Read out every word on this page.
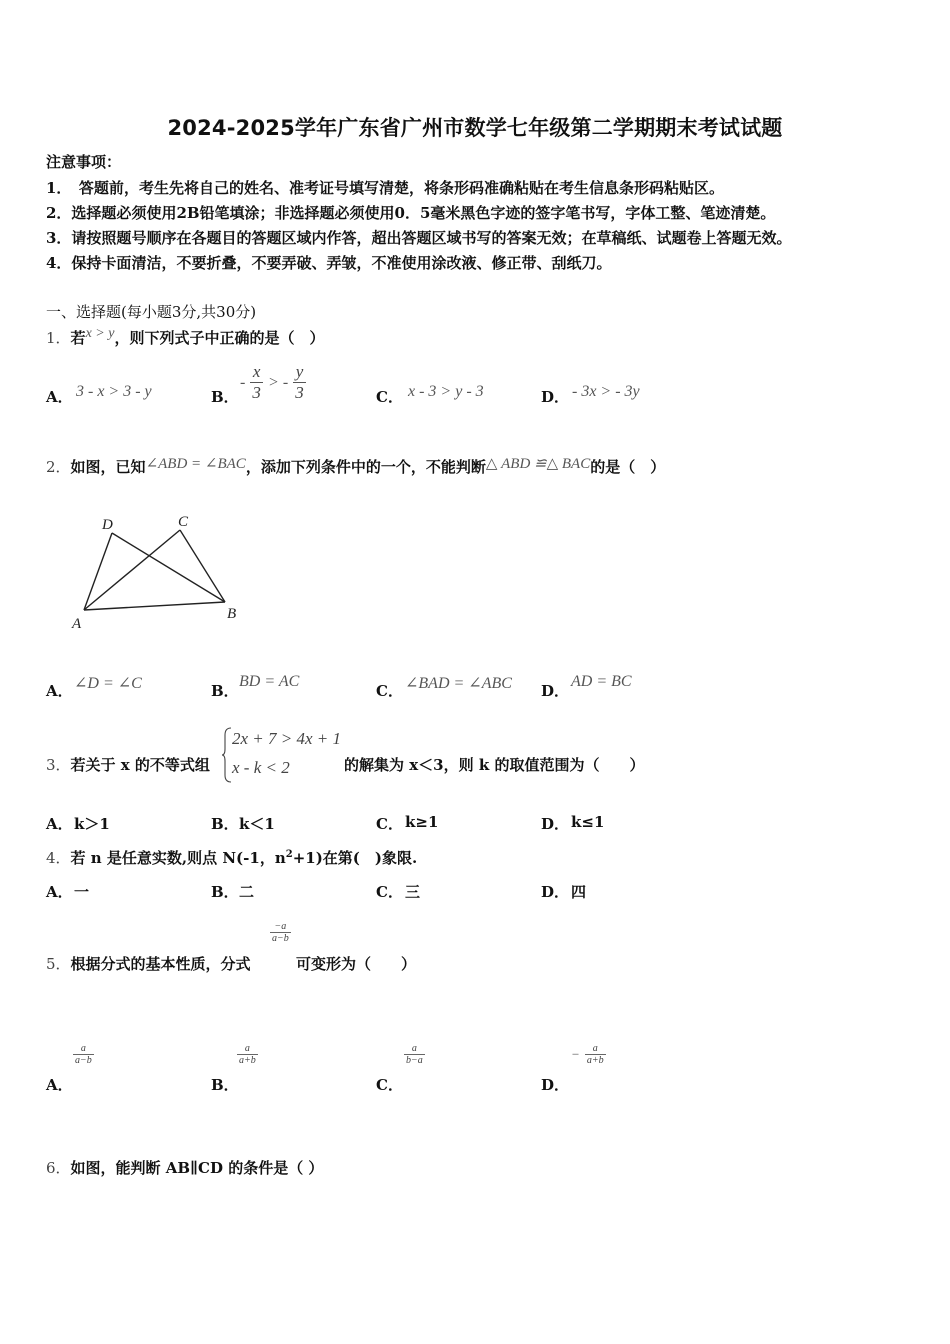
2024-2025学年广东省广州市数学七年级第二学期期末考试试题
注意事项：
1．　答题前，考生先将自己的姓名、准考证号填写清楚，将条形码准确粘贴在考生信息条形码粘贴区。
2．选择题必须使用2B铅笔填涂；非选择题必须使用0．5毫米黑色字迹的签字笔书写，字体工整、笔迹清楚。
3．请按照题号顺序在各题目的答题区域内作答，超出答题区域书写的答案无效；在草稿纸、试题卷上答题无效。
4．保持卡面清洁，不要折叠，不要弄破、弄皱，不准使用涂改液、修正带、刮纸刀。
一、选择题(每小题3分,共30分)
1．若x > y，则下列式子中正确的是（　）
A． 3 - x > 3 - y	B．
- $\frac{x}{3}$ > - $\frac{y}{3}$	C． x - 3 > y - 3	D． - 3x > - 3y
2．如图，已知∠ABD = ∠BAC，添加下列条件中的一个，不能判断△ ABD ≌△ BAC的是（　）
D	C
A
B
A． ∠D = ∠C	B．
BD = AC
C． ∠BAD = ∠ABC D．
AD = BC
3．若关于 x 的不等式组
2x + 7 > 4x + 1
x - k < 2	的解集为 x＜3，则 k 的取值范围为（　　）
A． k＞1	B． k＜1	C． k≥1	D． k≤1
4．若 n 是任意实数,则点 N(-1，$n^2+1$)在第(　)象限.
A． 一	B． 二	C． 三	D． 四
5．根据分式的基本性质，分式
$\frac{-a}{a-b}$
可变形为（　　）
A．
$\frac{a}{a-b}$
B．
$\frac{a}{a+b}$
C．
$\frac{a}{b-a}$
D．
− $\frac{a}{a+b}$
6．如图，能判断 AB∥CD 的条件是（ ）
